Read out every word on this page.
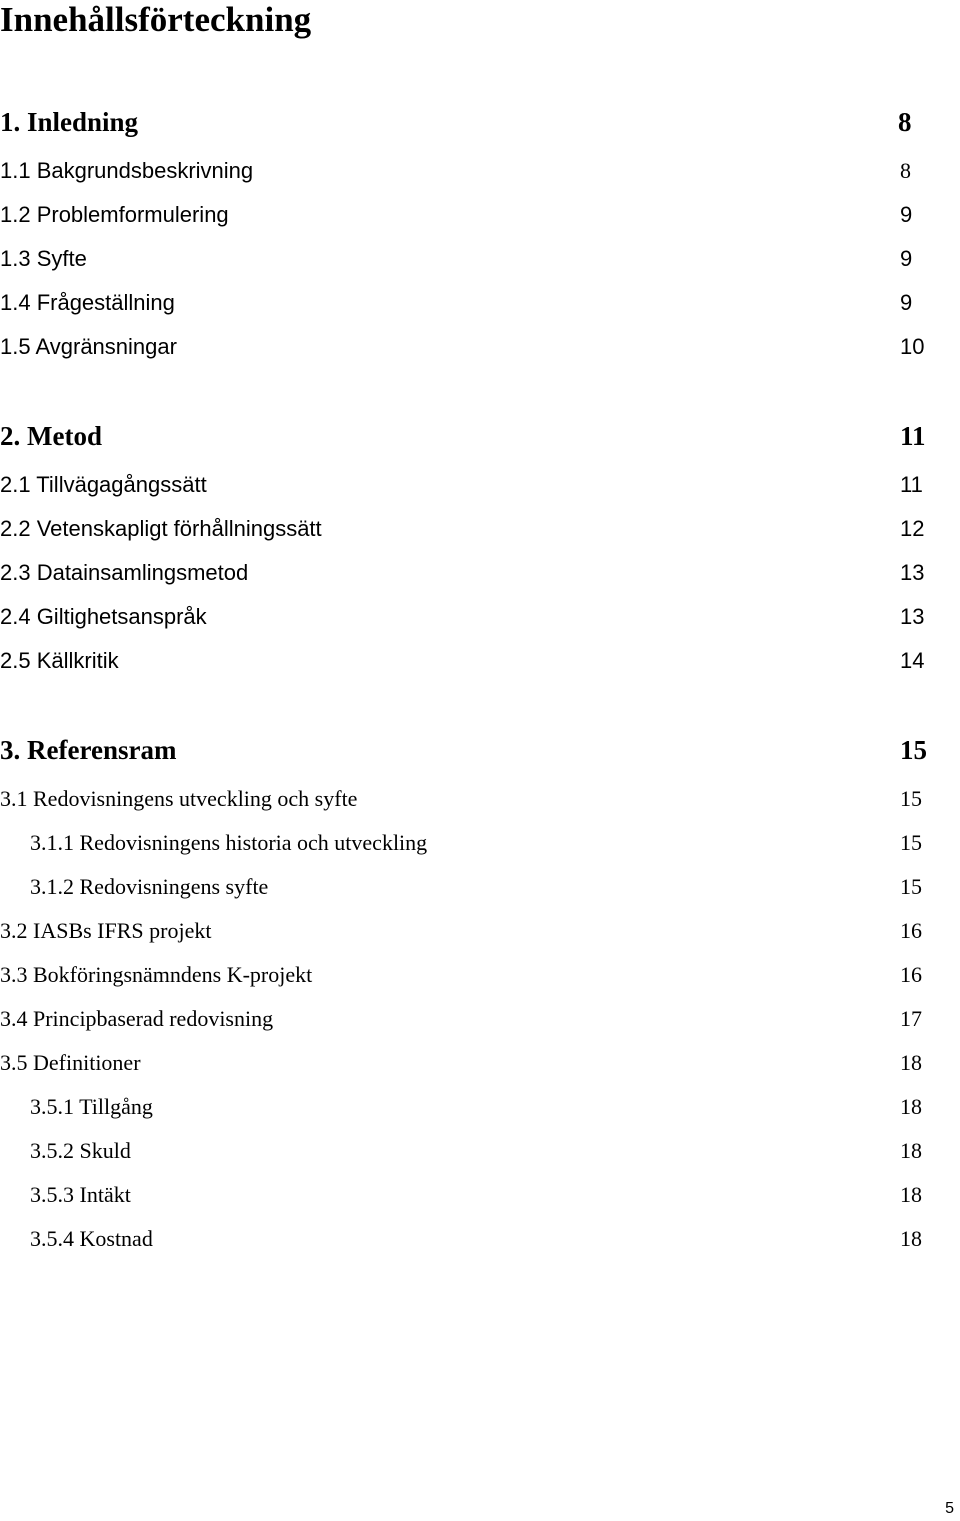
Innehållsförteckning
1. Inledning	8
1.1 Bakgrundsbeskrivning	8
1.2 Problemformulering	9
1.3 Syfte	9
1.4 Frågeställning	9
1.5 Avgränsningar	10
2. Metod	11
2.1 Tillvägagångssätt	11
2.2 Vetenskapligt förhållningssätt	12
2.3 Datainsamlingsmetod	13
2.4 Giltighetsanspråk	13
2.5 Källkritik	14
3. Referensram	15
3.1 Redovisningens utveckling och syfte	15
3.1.1 Redovisningens historia och utveckling	15
3.1.2 Redovisningens syfte	15
3.2 IASBs IFRS projekt	16
3.3 Bokföringsnämndens K-projekt	16
3.4 Principbaserad redovisning	17
3.5 Definitioner	18
3.5.1 Tillgång	18
3.5.2 Skuld	18
3.5.3 Intäkt	18
3.5.4 Kostnad	18
5
